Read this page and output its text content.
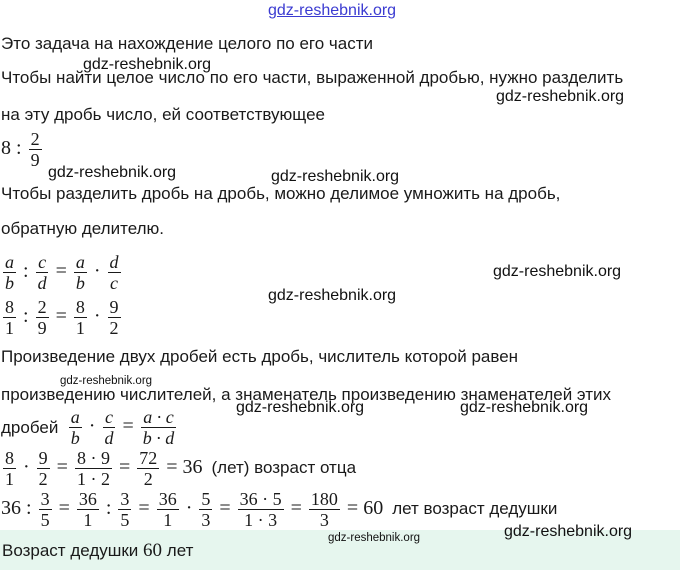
gdz-reshebnik.org
Это задача на нахождение целого по его части
Чтобы найти целое число по его части, выраженной дробью, нужно разделить
gdz-reshebnik.org
gdz-reshebnik.org
на эту дробь число, ей соответствующее
8 : $\frac{2}{9}$
gdz-reshebnik.org	gdz-reshebnik.org
Чтобы разделить дробь на дробь, можно делимое умножить на дробь,
обратную делителю.
$\frac{a}{b}$ : $\frac{c}{d} = \frac{a}{b} \cdot \frac{d}{c}$	gdz-reshebnik.org
$\frac{8}{1}$ : $\frac{2}{9} = \frac{8}{1} \cdot \frac{9}{2}$
gdz-reshebnik.org
Произведение двух дробей есть дробь, числитель которой равен
произведению числителей, а знаменатель произведению знаменателей этих
gdz-reshebnik.org
gdz-reshebnik.org	gdz-reshebnik.org
дробей $\frac{a}{b} \cdot \frac{c}{d} = \frac{a \cdot c}{b \cdot d}$
$\frac{8}{1} \cdot \frac{9}{2} = \frac{8 \cdot 9}{1 \cdot 2} = \frac{72}{2} = 36$ (лет) возраст отца
36 : $\frac{3}{5} = \frac{36}{1}$ : $\frac{3}{5} = \frac{36}{1} \cdot \frac{5}{3} = \frac{36 \cdot 5}{1 \cdot 3} = \frac{180}{3} = 60$ лет возраст дедушки
Возраст дедушки 60 лет
gdz-reshebnik.org	gdz-reshebnik.org
